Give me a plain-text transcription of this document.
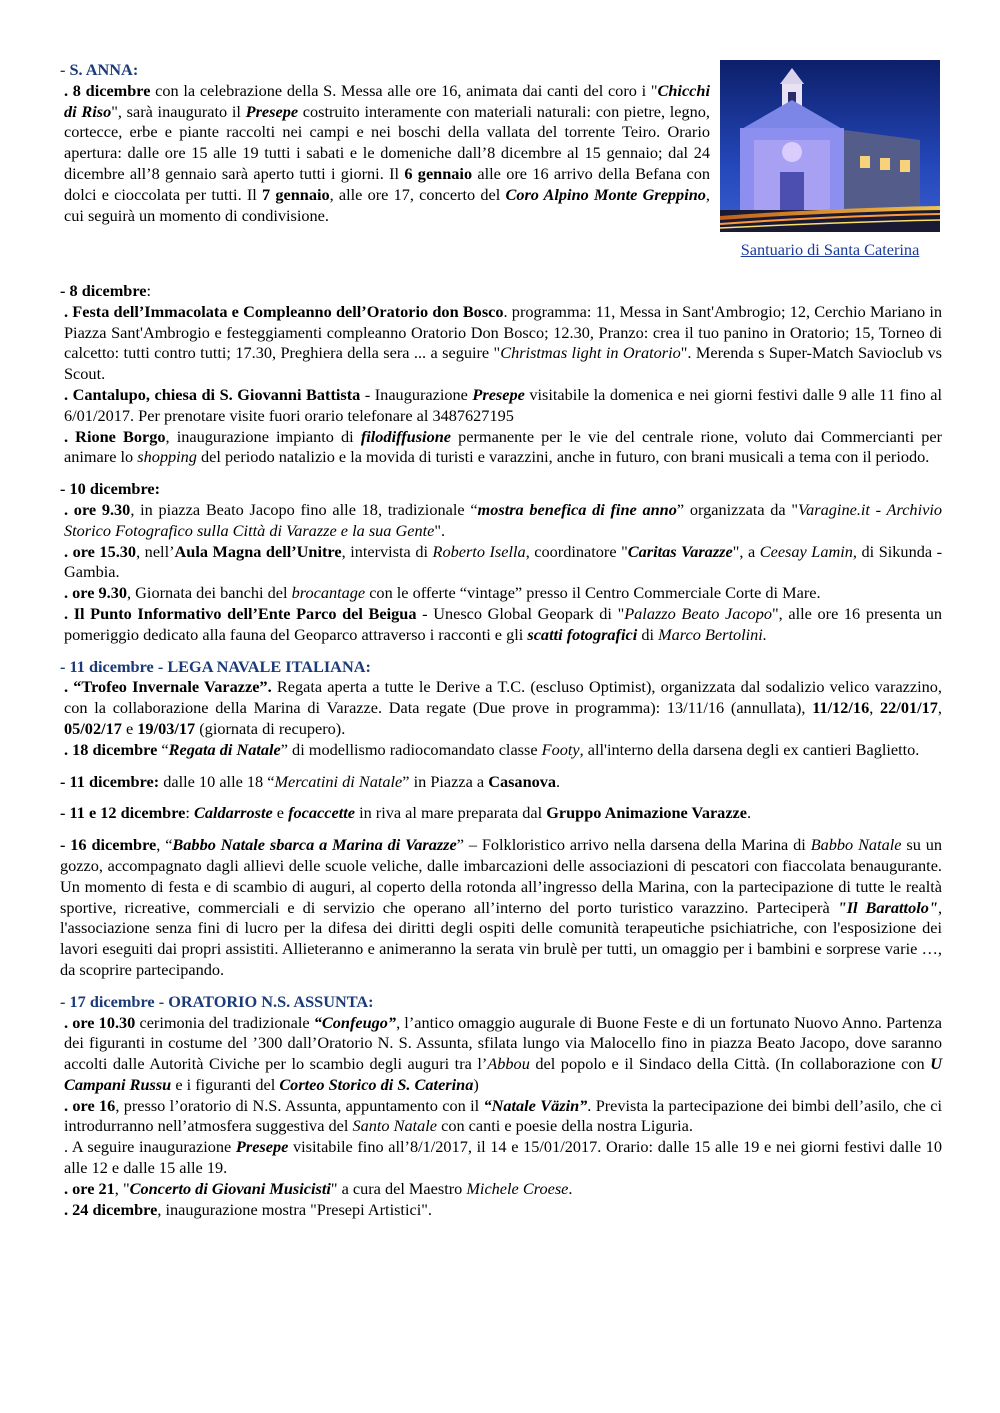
- S. ANNA:

. 8 dicembre con la celebrazione della S. Messa alle ore 16, animata dai canti del coro i "Chicchi di Riso", sarà inaugurato il Presepe costruito interamente con materiali naturali: con pietre, legno, cortecce, erbe e piante raccolti nei campi e nei boschi della vallata del torrente Teiro. Orario apertura: dalle ore 15 alle 19 tutti i sabati e le domeniche dall’8 dicembre al 15 gennaio; dal 24 dicembre all’8 gennaio sarà aperto tutti i giorni. Il 6 gennaio alle ore 16 arrivo della Befana con dolci e cioccolata per tutti. Il 7 gennaio, alle ore 17, concerto del Coro Alpino Monte Greppino, cui seguirà un momento di condivisione.

Santuario di Santa Caterina

- 8 dicembre:

. Festa dell’Immacolata e Compleanno dell’Oratorio don Bosco. programma: 11, Messa in Sant'Ambrogio; 12, Cerchio Mariano in Piazza Sant'Ambrogio e festeggiamenti compleanno Oratorio Don Bosco; 12.30, Pranzo: crea il tuo panino in Oratorio; 15, Torneo di calcetto: tutti contro tutti; 17.30, Preghiera della sera ... a seguire "Christmas light in Oratorio". Merenda s Super-Match Savioclub vs Scout.

. Cantalupo, chiesa di S. Giovanni Battista - Inaugurazione Presepe visitabile la domenica e nei giorni festivi dalle 9 alle 11 fino al 6/01/2017. Per prenotare visite fuori orario telefonare al 3487627195

. Rione Borgo, inaugurazione impianto di filodiffusione permanente per le vie del centrale rione, voluto dai Commercianti per animare lo shopping del periodo natalizio e la movida di turisti e varazzini, anche in futuro, con brani musicali a tema con il periodo.

- 10 dicembre:

. ore 9.30, in piazza Beato Jacopo fino alle 18, tradizionale “mostra benefica di fine anno” organizzata da "Varagine.it - Archivio Storico Fotografico sulla Città di Varazze e la sua Gente".

. ore 15.30, nell’Aula Magna dell’Unitre, intervista di Roberto Isella, coordinatore "Caritas Varazze", a Ceesay Lamin, di Sikunda - Gambia.

. ore 9.30, Giornata dei banchi del brocantage con le offerte “vintage” presso il Centro Commerciale Corte di Mare.

. Il Punto Informativo dell’Ente Parco del Beigua - Unesco Global Geopark di "Palazzo Beato Jacopo", alle ore 16 presenta un pomeriggio dedicato alla fauna del Geoparco attraverso i racconti e gli scatti fotografici di Marco Bertolini.

- 11 dicembre - LEGA NAVALE ITALIANA:

. “Trofeo Invernale Varazze”. Regata aperta a tutte le Derive a T.C. (escluso Optimist), organizzata dal sodalizio velico varazzino, con la collaborazione della Marina di Varazze. Data regate (Due prove in programma): 13/11/16 (annullata), 11/12/16, 22/01/17, 05/02/17 e 19/03/17 (giornata di recupero).

. 18 dicembre “Regata di Natale” di modellismo radiocomandato classe Footy, all'interno della darsena degli ex cantieri Baglietto.

- 11 dicembre: dalle 10 alle 18 “Mercatini di Natale” in Piazza a Casanova.

- 11 e 12 dicembre: Caldarroste e focaccette in riva al mare preparata dal Gruppo Animazione Varazze.

- 16 dicembre, “Babbo Natale sbarca a Marina di Varazze” – Folkloristico arrivo nella darsena della Marina di Babbo Natale su un gozzo, accompagnato dagli allievi delle scuole veliche, dalle imbarcazioni delle associazioni di pescatori con fiaccolata benaugurante. Un momento di festa e di scambio di auguri, al coperto della rotonda all’ingresso della Marina, con la partecipazione di tutte le realtà sportive, ricreative, commerciali e di servizio che operano all’interno del porto turistico varazzino. Parteciperà "Il Barattolo", l'associazione senza fini di lucro per la difesa dei diritti degli ospiti delle comunità terapeutiche psichiatriche, con l'esposizione dei lavori eseguiti dai propri assistiti. Allieteranno e animeranno la serata vin brulè per tutti, un omaggio per i bambini e sorprese varie …, da scoprire partecipando.

- 17 dicembre - ORATORIO N.S. ASSUNTA:

. ore 10.30 cerimonia del tradizionale “Confeugo”, l’antico omaggio augurale di Buone Feste e di un fortunato Nuovo Anno. Partenza dei figuranti in costume del ’300 dall’Oratorio N. S. Assunta, sfilata lungo via Malocello fino in piazza Beato Jacopo, dove saranno accolti dalle Autorità Civiche per lo scambio degli auguri tra l’Abbou del popolo e il Sindaco della Città. (In collaborazione con U Campani Russu e i figuranti del Corteo Storico di S. Caterina)

. ore 16, presso l’oratorio di N.S. Assunta, appuntamento con il “Natale Väzin”. Prevista la partecipazione dei bimbi dell’asilo, che ci introdurranno nell’atmosfera suggestiva del Santo Natale con canti e poesie della nostra Liguria.

. A seguire inaugurazione Presepe visitabile fino all’8/1/2017, il 14 e 15/01/2017. Orario: dalle 15 alle 19 e nei giorni festivi dalle 10 alle 12 e dalle 15 alle 19.

. ore 21, "Concerto di Giovani Musicisti" a cura del Maestro Michele Croese.

. 24 dicembre, inaugurazione mostra "Presepi Artistici".
